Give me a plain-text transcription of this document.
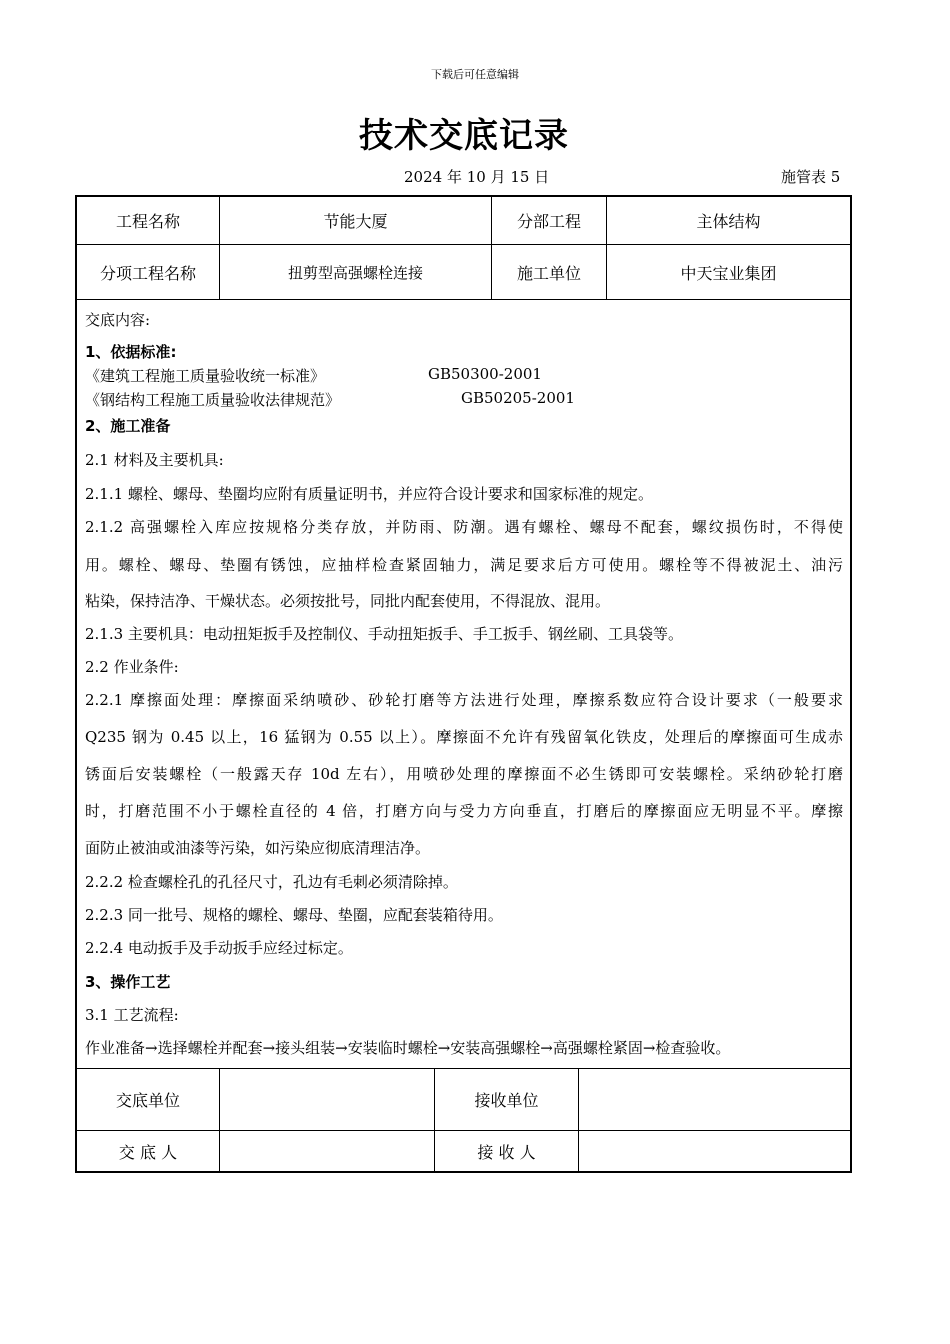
下载后可任意编辑
技术交底记录
2024 年 10 月 15 日	施管表 5
工程名称	节能大厦	分部工程	主体结构
分项工程名称	扭剪型高强螺栓连接	施工单位	中天宝业集团
交底内容:
1、依据标准:
《建筑工程施工质量验收统一标准》	GB50300-2001
《钢结构工程施工质量验收法律规范》	GB50205-2001
2、施工准备
2.1 材料及主要机具:
2.1.1 螺栓、螺母、垫圈均应附有质量证明书，并应符合设计要求和国家标准的规定。
2.1.2 高强螺栓入库应按规格分类存放，并防雨、防潮。遇有螺栓、螺母不配套，螺纹损伤时，不得使
用。螺栓、螺母、垫圈有锈蚀，应抽样检查紧固轴力，满足要求后方可使用。螺栓等不得被泥土、油污
粘染，保持洁净、干燥状态。必须按批号，同批内配套使用，不得混放、混用。
2.1.3 主要机具：电动扭矩扳手及控制仪、手动扭矩扳手、手工扳手、钢丝刷、工具袋等。
2.2 作业条件:
2.2.1 摩擦面处理：摩擦面采纳喷砂、砂轮打磨等方法进行处理，摩擦系数应符合设计要求（一般要求
Q235 钢为 0.45 以上，16 猛钢为 0.55 以上）。摩擦面不允许有残留氧化铁皮，处理后的摩擦面可生成赤
锈面后安装螺栓（一般露天存 10d 左右），用喷砂处理的摩擦面不必生锈即可安装螺栓。采纳砂轮打磨
时，打磨范围不小于螺栓直径的 4 倍，打磨方向与受力方向垂直，打磨后的摩擦面应无明显不平。摩擦
面防止被油或油漆等污染，如污染应彻底清理洁净。
2.2.2 检查螺栓孔的孔径尺寸，孔边有毛刺必须清除掉。
2.2.3 同一批号、规格的螺栓、螺母、垫圈，应配套装箱待用。
2.2.4 电动扳手及手动扳手应经过标定。
3、操作工艺
3.1 工艺流程:
作业准备→选择螺栓并配套→接头组装→安装临时螺栓→安装高强螺栓→高强螺栓紧固→检查验收。
交底单位	接收单位
交 底 人	接 收 人
